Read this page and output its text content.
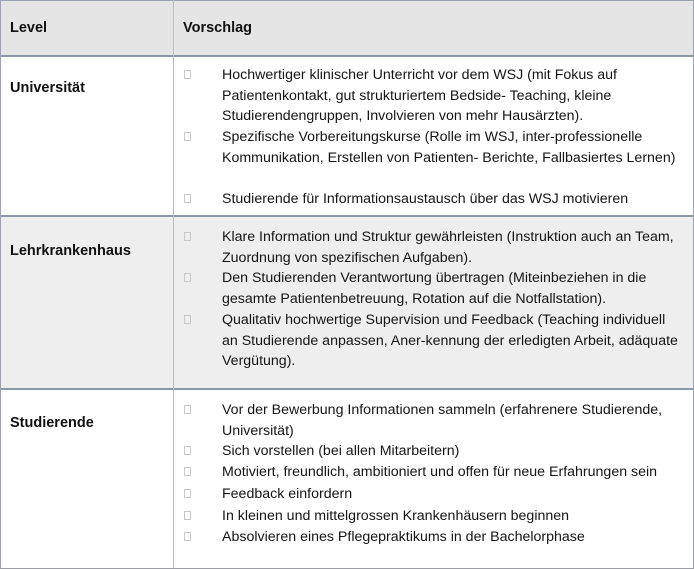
Level	Vorschlag
Universität
Hochwertiger klinischer Unterricht vor dem WSJ (mit Fokus auf Patientenkontakt, gut strukturiertem Bedside- Teaching, kleine Studierendengruppen, Involvieren von mehr Hausärzten).
Spezifische Vorbereitungskurse (Rolle im WSJ, inter-professionelle Kommunikation, Erstellen von Patienten- Berichte, Fallbasiertes Lernen)
Studierende für Informationsaustausch über das WSJ motivieren
Lehrkrankenhaus
Klare Information und Struktur gewährleisten (Instruktion auch an Team, Zuordnung von spezifischen Aufgaben).
Den Studierenden Verantwortung übertragen (Miteinbeziehen in die gesamte Patientenbetreuung, Rotation auf die Notfallstation).
Qualitativ hochwertige Supervision und Feedback (Teaching individuell an Studierende anpassen, Aner-kennung der erledigten Arbeit, adäquate Vergütung).
Studierende
Vor der Bewerbung Informationen sammeln (erfahrenere Studierende, Universität)
Sich vorstellen (bei allen Mitarbeitern)
Motiviert, freundlich, ambitioniert und offen für neue Erfahrungen sein
Feedback einfordern
In kleinen und mittelgrossen Krankenhäusern beginnen
Absolvieren eines Pflegepraktikums in der Bachelorphase
